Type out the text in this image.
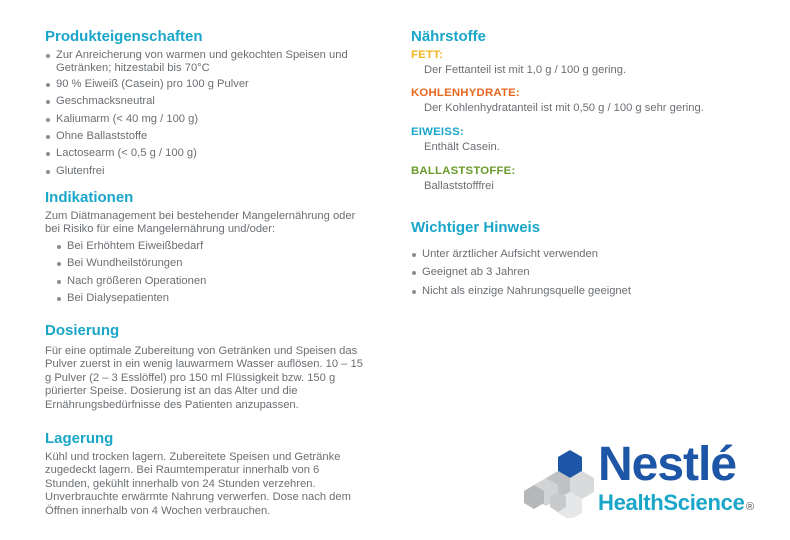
Produkteigenschaften
Zur Anreicherung von warmen und gekochten Speisen und Getränken; hitzestabil bis 70°C
90 % Eiweiß (Casein) pro 100 g Pulver
Geschmacksneutral
Kaliumarm (< 40 mg / 100 g)
Ohne Ballaststoffe
Lactosearm (< 0,5 g / 100 g)
Glutenfrei
Indikationen
Zum Diätmanagement bei bestehender Mangelernährung oder bei Risiko für eine Mangelernährung und/oder:
Bei Erhöhtem Eiweißbedarf
Bei Wundheilstörungen
Nach größeren Operationen
Bei Dialysepatienten
Dosierung
Für eine optimale Zubereitung von Getränken und Speisen das Pulver zuerst in ein wenig lauwarmem Wasser auflösen. 10 – 15 g Pulver (2 – 3 Esslöffel) pro 150 ml Flüssigkeit bzw. 150 g pürierter Speise. Dosierung ist an das Alter und die Ernährungsbedürfnisse des Patienten anzupassen.
Lagerung
Kühl und trocken lagern. Zubereitete Speisen und Getränke zugedeckt lagern. Bei Raumtemperatur innerhalb von 6 Stunden, gekühlt innerhalb von 24 Stunden verzehren. Unverbrauchte erwärmte Nahrung verwerfen. Dose nach dem Öffnen innerhalb von 4 Wochen verbrauchen.
Nährstoffe
FETT:
Der Fettanteil ist mit 1,0 g / 100 g gering.
KOHLENHYDRATE:
Der Kohlenhydratanteil ist mit 0,50 g / 100 g sehr gering.
EIWEISS:
Enthält Casein.
BALLASTSTOFFE:
Ballaststofffrei
Wichtiger Hinweis
Unter ärztlicher Aufsicht verwenden
Geeignet ab 3 Jahren
Nicht als einzige Nahrungsquelle geeignet
Nestlé
HealthScience ®
